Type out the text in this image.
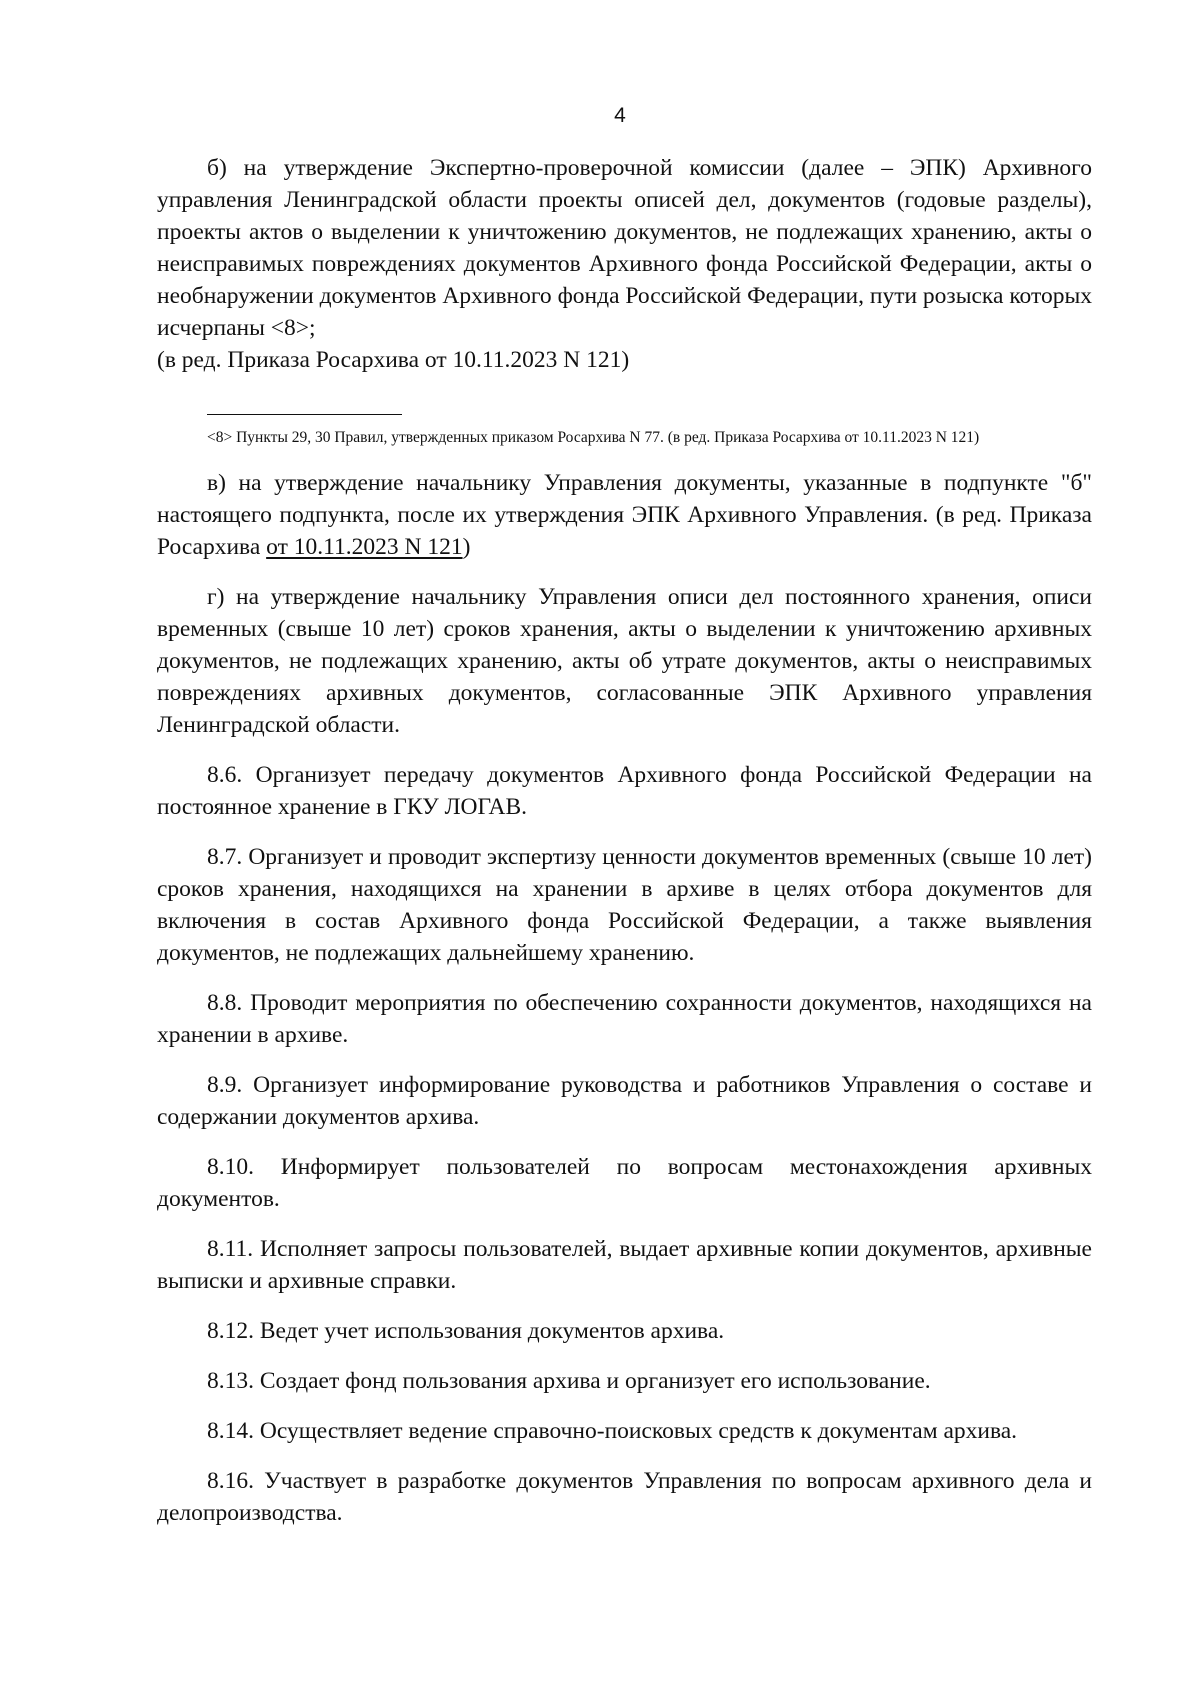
4

б) на утверждение Экспертно-проверочной комиссии (далее – ЭПК) Архивного управления Ленинградской области проекты описей дел, документов (годовые разделы), проекты актов о выделении к уничтожению документов, не подлежащих хранению, акты о неисправимых повреждениях документов Архивного фонда Российской Федерации, акты о необнаружении документов Архивного фонда Российской Федерации, пути розыска которых исчерпаны <8>;

(в ред. Приказа Росархива от 10.11.2023 N 121)

<8> Пункты 29, 30 Правил, утвержденных приказом Росархива N 77. (в ред. Приказа Росархива от 10.11.2023 N 121)

в) на утверждение начальнику Управления документы, указанные в подпункте "б" настоящего подпункта, после их утверждения ЭПК Архивного Управления. (в ред. Приказа Росархива от 10.11.2023 N 121)

г) на утверждение начальнику Управления описи дел постоянного хранения, описи временных (свыше 10 лет) сроков хранения, акты о выделении к уничтожению архивных документов, не подлежащих хранению, акты об утрате документов, акты о неисправимых повреждениях архивных документов, согласованные ЭПК Архивного управления Ленинградской области.

8.6. Организует передачу документов Архивного фонда Российской Федерации на постоянное хранение в ГКУ ЛОГАВ.

8.7. Организует и проводит экспертизу ценности документов временных (свыше 10 лет) сроков хранения, находящихся на хранении в архиве в целях отбора документов для включения в состав Архивного фонда Российской Федерации, а также выявления документов, не подлежащих дальнейшему хранению.

8.8. Проводит мероприятия по обеспечению сохранности документов, находящихся на хранении в архиве.

8.9. Организует информирование руководства и работников Управления о составе и содержании документов архива.

8.10. Информирует пользователей по вопросам местонахождения архивных документов.

8.11. Исполняет запросы пользователей, выдает архивные копии документов, архивные выписки и архивные справки.

8.12. Ведет учет использования документов архива.

8.13. Создает фонд пользования архива и организует его использование.

8.14. Осуществляет ведение справочно-поисковых средств к документам архива.

8.16. Участвует в разработке документов Управления по вопросам архивного дела и делопроизводства.
